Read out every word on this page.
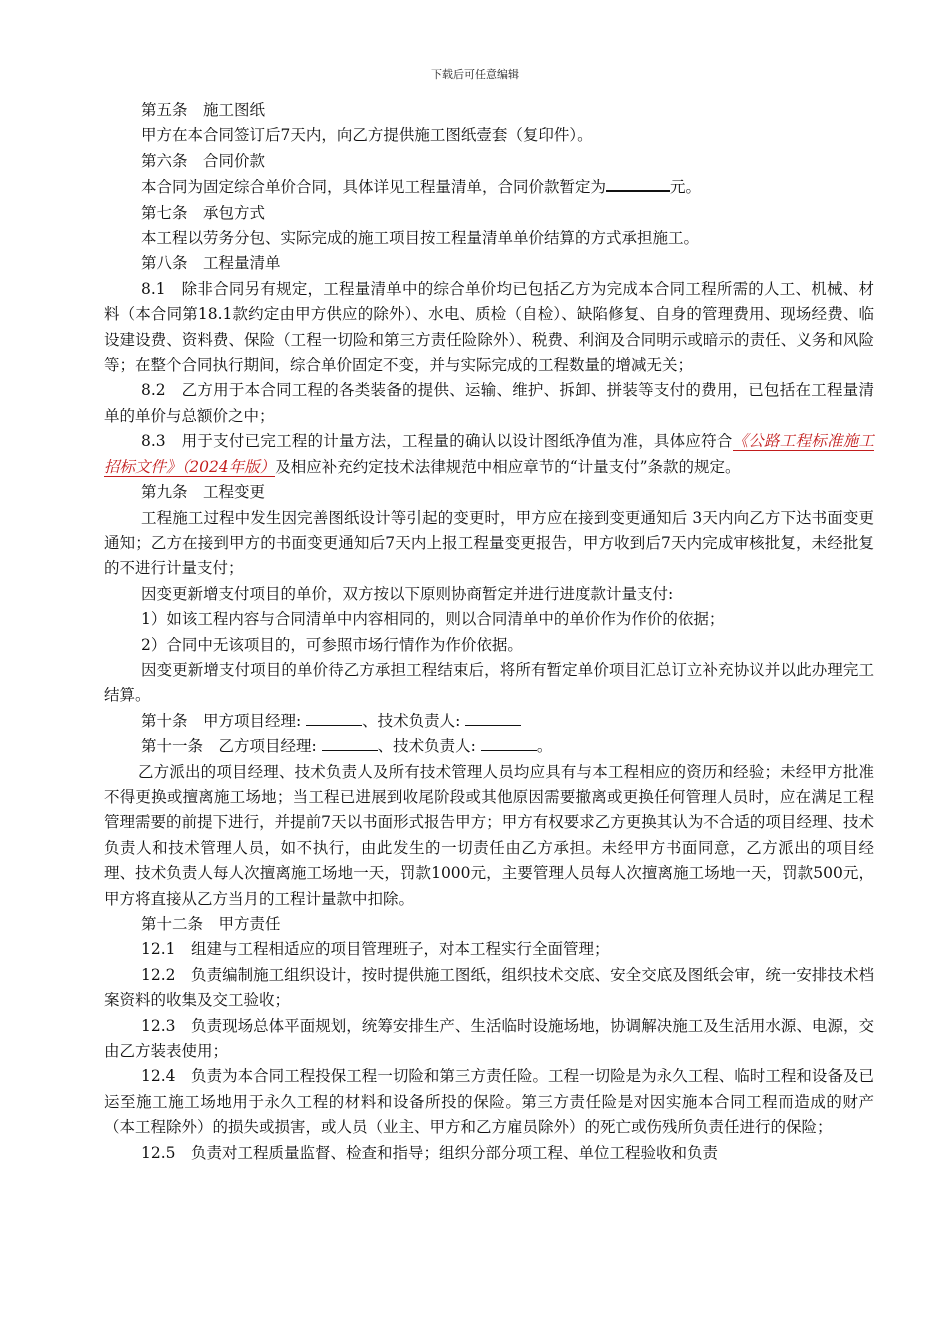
下载后可任意编辑

第五条　施工图纸

甲方在本合同签订后7天内，向乙方提供施工图纸壹套（复印件）。

第六条　合同价款

本合同为固定综合单价合同，具体详见工程量清单，合同价款暂定为	元。

第七条　承包方式

本工程以劳务分包、实际完成的施工项目按工程量清单单价结算的方式承担施工。

第八条　工程量清单

8.1　除非合同另有规定，工程量清单中的综合单价均已包括乙方为完成本合同工程所需的人工、机械、材料（本合同第18.1款约定由甲方供应的除外）、水电、质检（自检）、缺陷修复、自身的管理费用、现场经费、临设建设费、资料费、保险（工程一切险和第三方责任险除外）、税费、利润及合同明示或暗示的责任、义务和风险等；在整个合同执行期间，综合单价固定不变，并与实际完成的工程数量的增减无关；

8.2　乙方用于本合同工程的各类装备的提供、运输、维护、拆卸、拼装等支付的费用，已包括在工程量清单的单价与总额价之中；

8.3　用于支付已完工程的计量方法，工程量的确认以设计图纸净值为准，具体应符合《公路工程标准施工招标文件》（2024年版）及相应补充约定技术法律规范中相应章节的“计量支付”条款的规定。

第九条　工程变更

工程施工过程中发生因完善图纸设计等引起的变更时，甲方应在接到变更通知后 3天内向乙方下达书面变更通知；乙方在接到甲方的书面变更通知后7天内上报工程量变更报告，甲方收到后7天内完成审核批复，未经批复的不进行计量支付；

因变更新增支付项目的单价，双方按以下原则协商暂定并进行进度款计量支付:

1）如该工程内容与合同清单中内容相同的，则以合同清单中的单价作为作价的依据；

2）合同中无该项目的，可参照市场行情作为作价依据。

因变更新增支付项目的单价待乙方承担工程结束后，将所有暂定单价项目汇总订立补充协议并以此办理完工结算。

第十条　甲方项目经理:	、技术负责人:

第十一条　乙方项目经理:	、技术负责人:	。

乙方派出的项目经理、技术负责人及所有技术管理人员均应具有与本工程相应的资历和经验；未经甲方批准不得更换或擅离施工场地；当工程已进展到收尾阶段或其他原因需要撤离或更换任何管理人员时，应在满足工程管理需要的前提下进行，并提前7天以书面形式报告甲方；甲方有权要求乙方更换其认为不合适的项目经理、技术负责人和技术管理人员，如不执行，由此发生的一切责任由乙方承担。未经甲方书面同意，乙方派出的项目经理、技术负责人每人次擅离施工场地一天，罚款1000元，主要管理人员每人次擅离施工场地一天，罚款500元，甲方将直接从乙方当月的工程计量款中扣除。

第十二条　甲方责任

12.1　组建与工程相适应的项目管理班子，对本工程实行全面管理；

12.2　负责编制施工组织设计，按时提供施工图纸，组织技术交底、安全交底及图纸会审，统一安排技术档案资料的收集及交工验收；

12.3　负责现场总体平面规划，统筹安排生产、生活临时设施场地，协调解决施工及生活用水源、电源，交由乙方装表使用；

12.4　负责为本合同工程投保工程一切险和第三方责任险。工程一切险是为永久工程、临时工程和设备及已运至施工施工场地用于永久工程的材料和设备所投的保险。第三方责任险是对因实施本合同工程而造成的财产（本工程除外）的损失或损害，或人员（业主、甲方和乙方雇员除外）的死亡或伤残所负责任进行的保险；

12.5　负责对工程质量监督、检查和指导；组织分部分项工程、单位工程验收和负责
